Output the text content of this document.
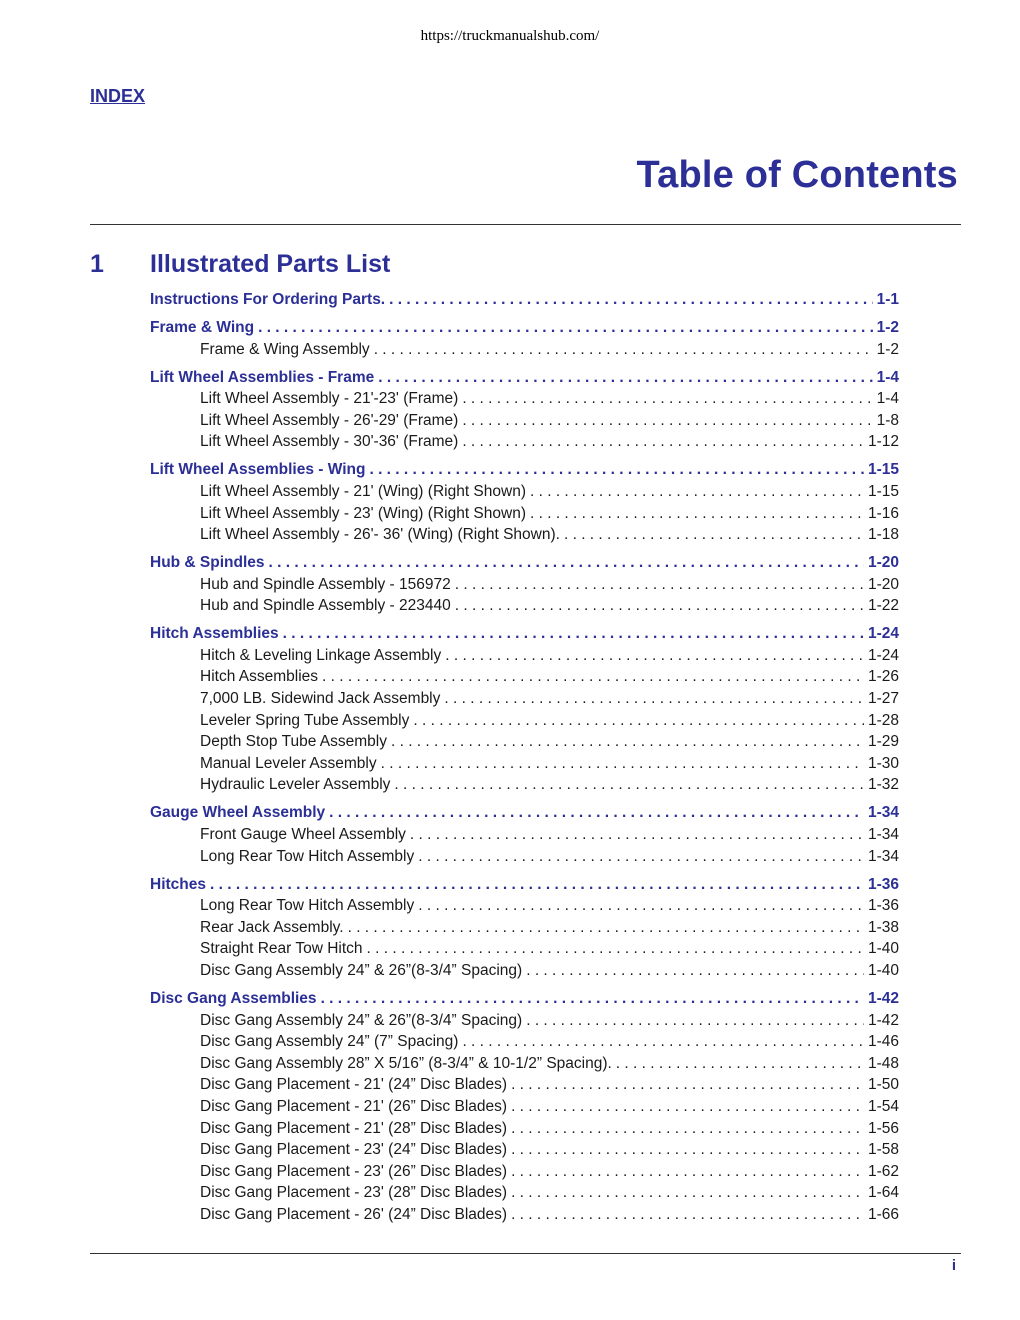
https://truckmanualshub.com/
INDEX
Table of Contents
1 Illustrated Parts List
Instructions For Ordering Parts. . . .	1-1
Frame & Wing . . .	1-2
Frame & Wing Assembly . . .	1-2
Lift Wheel Assemblies - Frame . . .	1-4
Lift Wheel Assembly - 21'-23' (Frame) . . .	1-4
Lift Wheel Assembly - 26'-29' (Frame) . . .	1-8
Lift Wheel Assembly - 30'-36' (Frame) . . .	1-12
Lift Wheel Assemblies - Wing . . .	1-15
Lift Wheel Assembly - 21' (Wing) (Right Shown) . . .	1-15
Lift Wheel Assembly - 23' (Wing) (Right Shown) . . .	1-16
Lift Wheel Assembly - 26'- 36' (Wing) (Right Shown). . . .	1-18
Hub & Spindles . . .	1-20
Hub and Spindle Assembly - 156972 . . .	1-20
Hub and Spindle Assembly - 223440 . . .	1-22
Hitch Assemblies . . .	1-24
Hitch & Leveling Linkage Assembly . . .	1-24
Hitch Assemblies . . .	1-26
7,000 LB. Sidewind Jack Assembly . . .	1-27
Leveler Spring Tube Assembly . . .	1-28
Depth Stop Tube Assembly . . .	1-29
Manual Leveler Assembly . . .	1-30
Hydraulic Leveler Assembly . . .	1-32
Gauge Wheel Assembly . . .	1-34
Front Gauge Wheel Assembly . . .	1-34
Long Rear Tow Hitch Assembly . . .	1-34
Hitches . . .	1-36
Long Rear Tow Hitch Assembly . . .	1-36
Rear Jack Assembly. . . .	1-38
Straight Rear Tow Hitch . . .	1-40
Disc Gang Assembly 24” & 26”(8-3/4” Spacing) . . .	1-40
Disc Gang Assemblies . . .	1-42
Disc Gang Assembly 24” & 26”(8-3/4” Spacing) . . .	1-42
Disc Gang Assembly 24” (7” Spacing) . . .	1-46
Disc Gang Assembly 28” X 5/16” (8-3/4” & 10-1/2” Spacing). . . .	1-48
Disc Gang Placement - 21' (24” Disc Blades) . . .	1-50
Disc Gang Placement - 21' (26” Disc Blades) . . .	1-54
Disc Gang Placement - 21' (28” Disc Blades) . . .	1-56
Disc Gang Placement - 23' (24” Disc Blades) . . .	1-58
Disc Gang Placement - 23' (26” Disc Blades) . . .	1-62
Disc Gang Placement - 23' (28” Disc Blades) . . .	1-64
Disc Gang Placement - 26' (24” Disc Blades) . . .	1-66
i
